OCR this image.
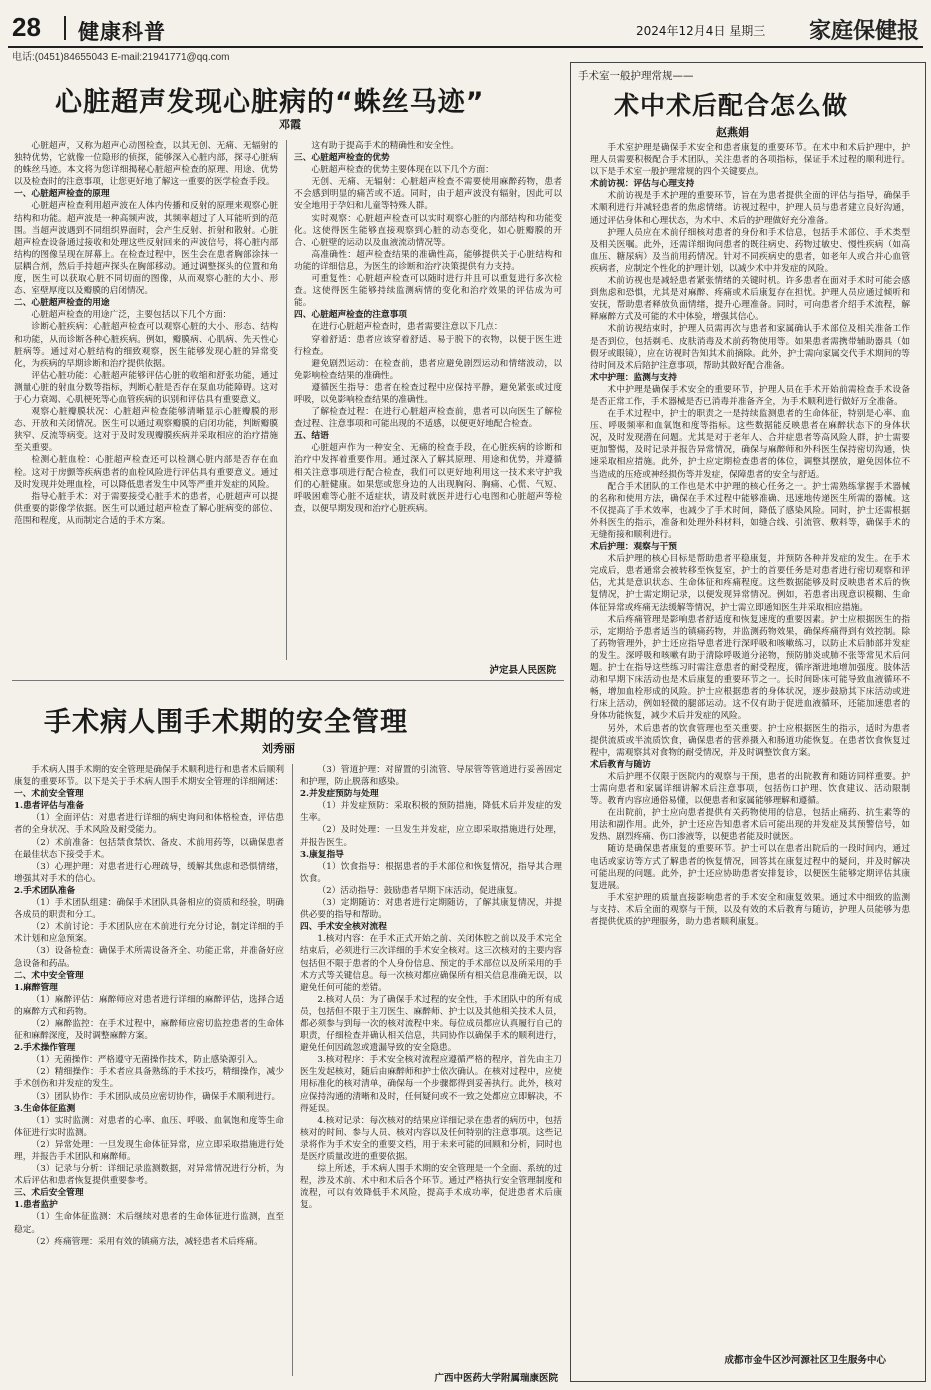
28 健康科普	2024年12月4日 星期三 家庭保健报
电话:(0451)84655043 E-mail:21941771@qq.com
心脏超声发现心脏病的“蛛丝马迹”
邓霞

心脏超声，又称为超声心动图检查，以其无创、无痛、无辐射的独特优势，它就像一位隐形的侦探，能够深入心脏内部，探寻心脏病的蛛丝马迹。本文将为您详细揭秘心脏超声检查的原理、用途、优势以及检查时的注意事项，让您更好地了解这一重要的医学检查手段。

一、心脏超声检查的原理

心脏超声检查利用超声波在人体内传播和反射的原理来观察心脏结构和功能。超声波是一种高频声波，其频率超过了人耳能听到的范围。当超声波遇到不同组织界面时，会产生反射、折射和散射。心脏超声检查设备通过接收和处理这些反射回来的声波信号，将心脏内部结构的图像呈现在屏幕上。在检查过程中，医生会在患者胸部涂抹一层耦合剂，然后手持超声探头在胸部移动。通过调整探头的位置和角度，医生可以获取心脏不同切面的图像，从而观察心脏的大小、形态、室壁厚度以及瓣膜的启闭情况。

二、心脏超声检查的用途

心脏超声检查的用途广泛，主要包括以下几个方面：

诊断心脏疾病：心脏超声检查可以观察心脏的大小、形态、结构和功能，从而诊断各种心脏疾病。例如，瓣膜病、心肌病、先天性心脏病等。通过对心脏结构的细致观察，医生能够发现心脏的异常变化，为疾病的早期诊断和治疗提供依据。

评估心脏功能：心脏超声能够评估心脏的收缩和舒张功能，通过测量心脏的射血分数等指标，判断心脏是否存在泵血功能障碍。这对于心力衰竭、心肌梗死等心血管疾病的识别和评估具有重要意义。

观察心脏瓣膜状况：心脏超声检查能够清晰显示心脏瓣膜的形态、开放和关闭情况。医生可以通过观察瓣膜的启闭功能，判断瓣膜狭窄、反流等病变。这对于及时发现瓣膜疾病并采取相应的治疗措施至关重要。

检测心脏血栓：心脏超声检查还可以检测心脏内部是否存在血栓。这对于房颤等疾病患者的血栓风险进行评估具有重要意义。通过及时发现并处理血栓，可以降低患者发生中风等严重并发症的风险。

指导心脏手术：对于需要接受心脏手术的患者，心脏超声可以提供重要的影像学依据。医生可以通过超声检查了解心脏病变的部位、范围和程度，从而制定合适的手术方案。

这有助于提高手术的精确性和安全性。

三、心脏超声检查的优势

心脏超声检查的优势主要体现在以下几个方面：

无创、无痛、无辐射：心脏超声检查不需要使用麻醉药物，患者不会感到明显的痛苦或不适。同时，由于超声波没有辐射，因此可以安全地用于孕妇和儿童等特殊人群。

实时观察：心脏超声检查可以实时观察心脏的内部结构和功能变化。这使得医生能够直接观察到心脏的动态变化，如心脏瓣膜的开合、心脏壁的运动以及血液流动情况等。

高准确性：超声检查结果的准确性高，能够提供关于心脏结构和功能的详细信息，为医生的诊断和治疗决策提供有力支持。

可重复性：心脏超声检查可以随时进行并且可以重复进行多次检查。这使得医生能够持续监测病情的变化和治疗效果的评估成为可能。

四、心脏超声检查的注意事项

在进行心脏超声检查时，患者需要注意以下几点：

穿着舒适：患者应该穿着舒适、易于脱下的衣物，以便于医生进行检查。

避免剧烈运动：在检查前，患者应避免剧烈运动和情绪波动，以免影响检查结果的准确性。

遵循医生指导：患者在检查过程中应保持平静，避免紧张或过度呼吸，以免影响检查结果的准确性。

了解检查过程：在进行心脏超声检查前，患者可以向医生了解检查过程、注意事项和可能出现的不适感，以便更好地配合检查。

五、结语

心脏超声作为一种安全、无痛的检查手段，在心脏疾病的诊断和治疗中发挥着重要作用。通过深入了解其原理、用途和优势，并遵循相关注意事项进行配合检查，我们可以更好地利用这一技术来守护我们的心脏健康。如果您或您身边的人出现胸闷、胸痛、心慌、气短、呼吸困难等心脏不适症状，请及时就医并进行心电图和心脏超声等检查，以便早期发现和治疗心脏疾病。

泸定县人民医院
手术病人围手术期的安全管理
刘秀丽

手术病人围手术期的安全管理是确保手术顺利进行和患者术后顺利康复的重要环节。以下是关于手术病人围手术期安全管理的详细阐述：

一、术前安全管理

1.患者评估与准备

（1）全面评估：对患者进行详细的病史询问和体格检查，评估患者的全身状况、手术风险及耐受能力。

（2）术前准备：包括禁食禁饮、备皮、术前用药等，以确保患者在最佳状态下接受手术。

（3）心理护理：对患者进行心理疏导，缓解其焦虑和恐惧情绪，增强其对手术的信心。

2.手术团队准备

（1）手术团队组建：确保手术团队具备相应的资质和经验，明确各成员的职责和分工。

（2）术前讨论：手术团队应在术前进行充分讨论，制定详细的手术计划和应急预案。

（3）设备检查：确保手术所需设备齐全、功能正常，并准备好应急设备和药品。

二、术中安全管理

1.麻醉管理

（1）麻醉评估：麻醉师应对患者进行详细的麻醉评估，选择合适的麻醉方式和药物。

（2）麻醉监控：在手术过程中，麻醉师应密切监控患者的生命体征和麻醉深度，及时调整麻醉方案。

2.手术操作管理

（1）无菌操作：严格遵守无菌操作技术，防止感染源引入。

（2）精细操作：手术者应具备熟练的手术技巧，精细操作，减少手术创伤和并发症的发生。

（3）团队协作：手术团队成员应密切协作，确保手术顺利进行。

3.生命体征监测

（1）实时监测：对患者的心率、血压、呼吸、血氧饱和度等生命体征进行实时监测。

（2）异常处理：一旦发现生命体征异常，应立即采取措施进行处理，并报告手术团队和麻醉师。

（3）记录与分析：详细记录监测数据，对异常情况进行分析，为术后评估和患者恢复提供重要参考。

三、术后安全管理

1.患者监护

（1）生命体征监测：术后继续对患者的生命体征进行监测，直至稳定。

（2）疼痛管理：采用有效的镇痛方法，减轻患者术后疼痛。

（3）管道护理：对留置的引流管、导尿管等管道进行妥善固定和护理，防止脱落和感染。

2.并发症预防与处理

（1）并发症预防：采取积极的预防措施，降低术后并发症的发生率。

（2）及时处理：一旦发生并发症，应立即采取措施进行处理，并报告医生。

3.康复指导

（1）饮食指导：根据患者的手术部位和恢复情况，指导其合理饮食。

（2）活动指导：鼓励患者早期下床活动，促进康复。

（3）定期随访：对患者进行定期随访，了解其康复情况，并提供必要的指导和帮助。

四、手术安全核对流程

1.核对内容：在手术正式开始之前、关闭体腔之前以及手术完全结束后，必须进行三次详细的手术安全核对。这三次核对的主要内容包括但不限于患者的个人身份信息、预定的手术部位以及所采用的手术方式等关键信息。每一次核对都应确保所有相关信息准确无误，以避免任何可能的差错。

2.核对人员：为了确保手术过程的安全性，手术团队中的所有成员，包括但不限于主刀医生、麻醉师、护士以及其他相关技术人员，都必须参与到每一次的核对流程中来。每位成员都应认真履行自己的职责，仔细检查并确认相关信息，共同协作以确保手术的顺利进行，避免任何因疏忽或遗漏导致的安全隐患。

3.核对程序：手术安全核对流程应遵循严格的程序，首先由主刀医生发起核对，随后由麻醉师和护士依次确认。在核对过程中，应使用标准化的核对清单，确保每一个步骤都得到妥善执行。此外，核对应保持沟通的清晰和及时，任何疑问或不一致之处都应立即解决，不得延误。

4.核对记录：每次核对的结果应详细记录在患者的病历中，包括核对的时间、参与人员、核对内容以及任何特别的注意事项。这些记录将作为手术安全的重要文档，用于未来可能的回顾和分析，同时也是医疗质量改进的重要依据。

综上所述，手术病人围手术期的安全管理是一个全面、系统的过程，涉及术前、术中和术后各个环节。通过严格执行安全管理制度和流程，可以有效降低手术风险，提高手术成功率，促进患者术后康复。

广西中医药大学附属瑞康医院
手术室一般护理常规——
术中术后配合怎么做
赵燕娟

手术室护理是确保手术安全和患者康复的重要环节。在术中和术后护理中，护理人员需要积极配合手术团队，关注患者的各项指标，保证手术过程的顺利进行。以下是手术室一般护理常规的四个关键要点。

术前访视：评估与心理支持

术前访视是手术护理的重要环节，旨在为患者提供全面的评估与指导，确保手术顺利进行并减轻患者的焦虑情绪。访视过程中，护理人员与患者建立良好沟通，通过评估身体和心理状态，为术中、术后的护理做好充分准备。

护理人员应在术前仔细核对患者的身份和手术信息，包括手术部位、手术类型及相关医嘱。此外，还需详细询问患者的既往病史、药物过敏史、慢性疾病（如高血压、糖尿病）及当前用药情况。针对不同疾病史的患者，如老年人或合并心血管疾病者，应制定个性化的护理计划，以减少术中并发症的风险。

术前访视也是减轻患者紧张情绪的关键时机。许多患者在面对手术时可能会感到焦虑和恐惧，尤其是对麻醉、疼痛或术后康复存在担忧。护理人员应通过倾听和安抚，帮助患者释放负面情绪，提升心理准备。同时，可向患者介绍手术流程，解释麻醉方式及可能的术中体验，增强其信心。

术前访视结束时，护理人员需再次与患者和家属确认手术部位及相关准备工作是否到位，包括剃毛、皮肤消毒及术前药物使用等。如果患者需携带辅助器具（如假牙或眼镜），应在访视时告知其术前摘除。此外，护士需向家属交代手术期间的等待时间及术后陪护注意事项，帮助其做好配合准备。

术中护理：监测与支持

术中护理是确保手术安全的重要环节，护理人员在手术开始前需检查手术设备是否正常工作，手术器械是否已消毒并准备齐全，为手术顺利进行做好万全准备。

在手术过程中，护士的职责之一是持续监测患者的生命体征，特别是心率、血压、呼吸频率和血氧饱和度等指标。这些数据能反映患者在麻醉状态下的身体状况，及时发现潜在问题。尤其是对于老年人、合并症患者等高风险人群，护士需要更加警惕，及时记录并报告异常情况，确保与麻醉师和外科医生保持密切沟通，快速采取相应措施。此外，护士应定期检查患者的体位，调整其摆放，避免因体位不当造成的压疮或神经损伤等并发症，保障患者的安全与舒适。

配合手术团队的工作也是术中护理的核心任务之一。护士需熟练掌握手术器械的名称和使用方法，确保在手术过程中能够准确、迅速地传递医生所需的器械。这不仅提高了手术效率，也减少了手术时间，降低了感染风险。同时，护士还需根据外科医生的指示，准备和处理外科材料，如缝合线、引流管、敷料等，确保手术的无缝衔接和顺利进行。

术后护理：观察与干预

术后护理的核心目标是帮助患者平稳康复，并预防各种并发症的发生。在手术完成后，患者通常会被转移至恢复室，护士的首要任务是对患者进行密切观察和评估，尤其是意识状态、生命体征和疼痛程度。这些数据能够及时反映患者术后的恢复情况，护士需定期记录，以便发现异常情况。例如，若患者出现意识模糊、生命体征异常或疼痛无法缓解等情况，护士需立即通知医生并采取相应措施。

术后疼痛管理是影响患者舒适度和恢复速度的重要因素。护士应根据医生的指示，定期给予患者适当的镇痛药物，并监测药物效果，确保疼痛得到有效控制。除了药物管理外，护士还应指导患者进行深呼吸和咳嗽练习，以防止术后肺部并发症的发生。深呼吸和咳嗽有助于清除呼吸道分泌物，预防肺炎或肺不张等常见术后问题。护士在指导这些练习时需注意患者的耐受程度，循序渐进地增加强度。肢体活动和早期下床活动也是术后康复的重要环节之一。长时间卧床可能导致血液循环不畅，增加血栓形成的风险。护士应根据患者的身体状况，逐步鼓励其下床活动或进行床上活动，例如轻微的腿部运动。这不仅有助于促进血液循环，还能加速患者的身体功能恢复，减少术后并发症的风险。

另外，术后患者的饮食管理也至关重要。护士应根据医生的指示，适时为患者提供流质或半流质饮食，确保患者的营养摄入和肠道功能恢复。在患者饮食恢复过程中，需观察其对食物的耐受情况，并及时调整饮食方案。

术后教育与随访

术后护理不仅限于医院内的观察与干预，患者的出院教育和随访同样重要。护士需向患者和家属详细讲解术后注意事项，包括伤口护理、饮食建议、活动限制等。教育内容应通俗易懂，以便患者和家属能够理解和遵循。

在出院前，护士应向患者提供有关药物使用的信息，包括止痛药、抗生素等的用法和副作用。此外，护士还应告知患者术后可能出现的并发症及其预警信号，如发热、剧烈疼痛、伤口渗液等，以便患者能及时就医。

随访是确保患者康复的重要环节。护士可以在患者出院后的一段时间内，通过电话或家访等方式了解患者的恢复情况，回答其在康复过程中的疑问，并及时解决可能出现的问题。此外，护士还应协助患者安排复诊，以便医生能够定期评估其康复进展。

手术室护理的质量直接影响患者的手术安全和康复效果。通过术中细致的监测与支持、术后全面的观察与干预，以及有效的术后教育与随访，护理人员能够为患者提供优质的护理服务，助力患者顺利康复。

成都市金牛区沙河源社区卫生服务中心
